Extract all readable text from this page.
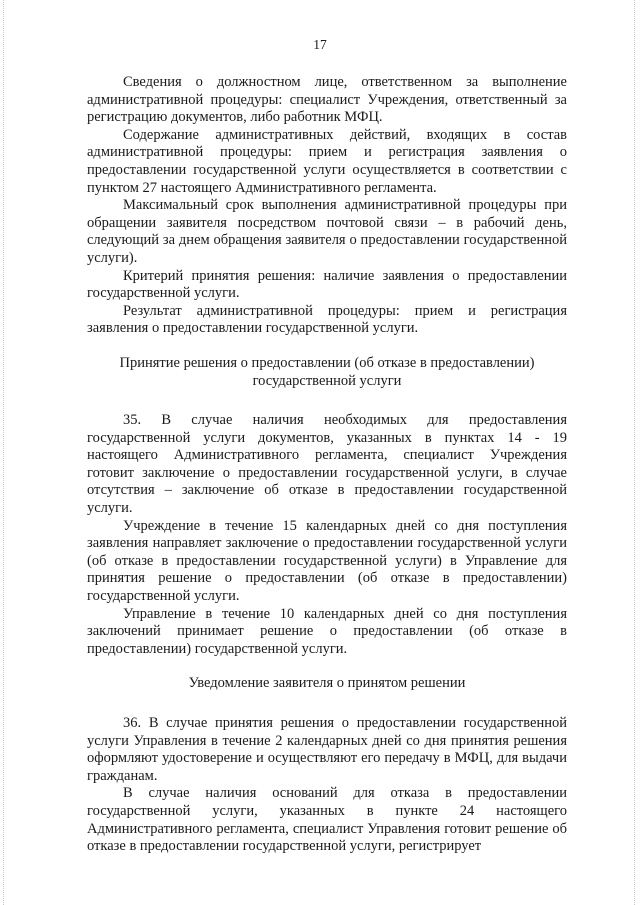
17

Сведения о должностном лице, ответственном за выполнение административной процедуры: специалист Учреждения, ответственный за регистрацию документов, либо работник МФЦ.

Содержание административных действий, входящих в состав административной процедуры: прием и регистрация заявления о предоставлении государственной услуги осуществляется в соответствии с пунктом 27 настоящего Административного регламента.

Максимальный срок выполнения административной процедуры при обращении заявителя посредством почтовой связи – в рабочий день, следующий за днем обращения заявителя о предоставлении государственной услуги).

Критерий принятия решения: наличие заявления о предоставлении государственной услуги.

Результат административной процедуры: прием и регистрация заявления о предоставлении государственной услуги.

Принятие решения о предоставлении (об отказе в предоставлении) государственной услуги

35. В случае наличия необходимых для предоставления государственной услуги документов, указанных в пунктах 14 - 19 настоящего Административного регламента, специалист Учреждения готовит заключение о предоставлении государственной услуги, в случае отсутствия – заключение об отказе в предоставлении государственной услуги.

Учреждение в течение 15 календарных дней со дня поступления заявления направляет заключение о предоставлении государственной услуги (об отказе в предоставлении государственной услуги) в Управление для принятия решение о предоставлении (об отказе в предоставлении) государственной услуги.

Управление в течение 10 календарных дней со дня поступления заключений принимает решение о предоставлении (об отказе в предоставлении) государственной услуги.

Уведомление заявителя о принятом решении

36. В случае принятия решения о предоставлении государственной услуги Управления в течение 2 календарных дней со дня принятия решения оформляют удостоверение и осуществляют его передачу в МФЦ, для выдачи гражданам.

В случае наличия оснований для отказа в предоставлении государственной услуги, указанных в пункте 24 настоящего Административного регламента, специалист Управления готовит решение об отказе в предоставлении государственной услуги, регистрирует
